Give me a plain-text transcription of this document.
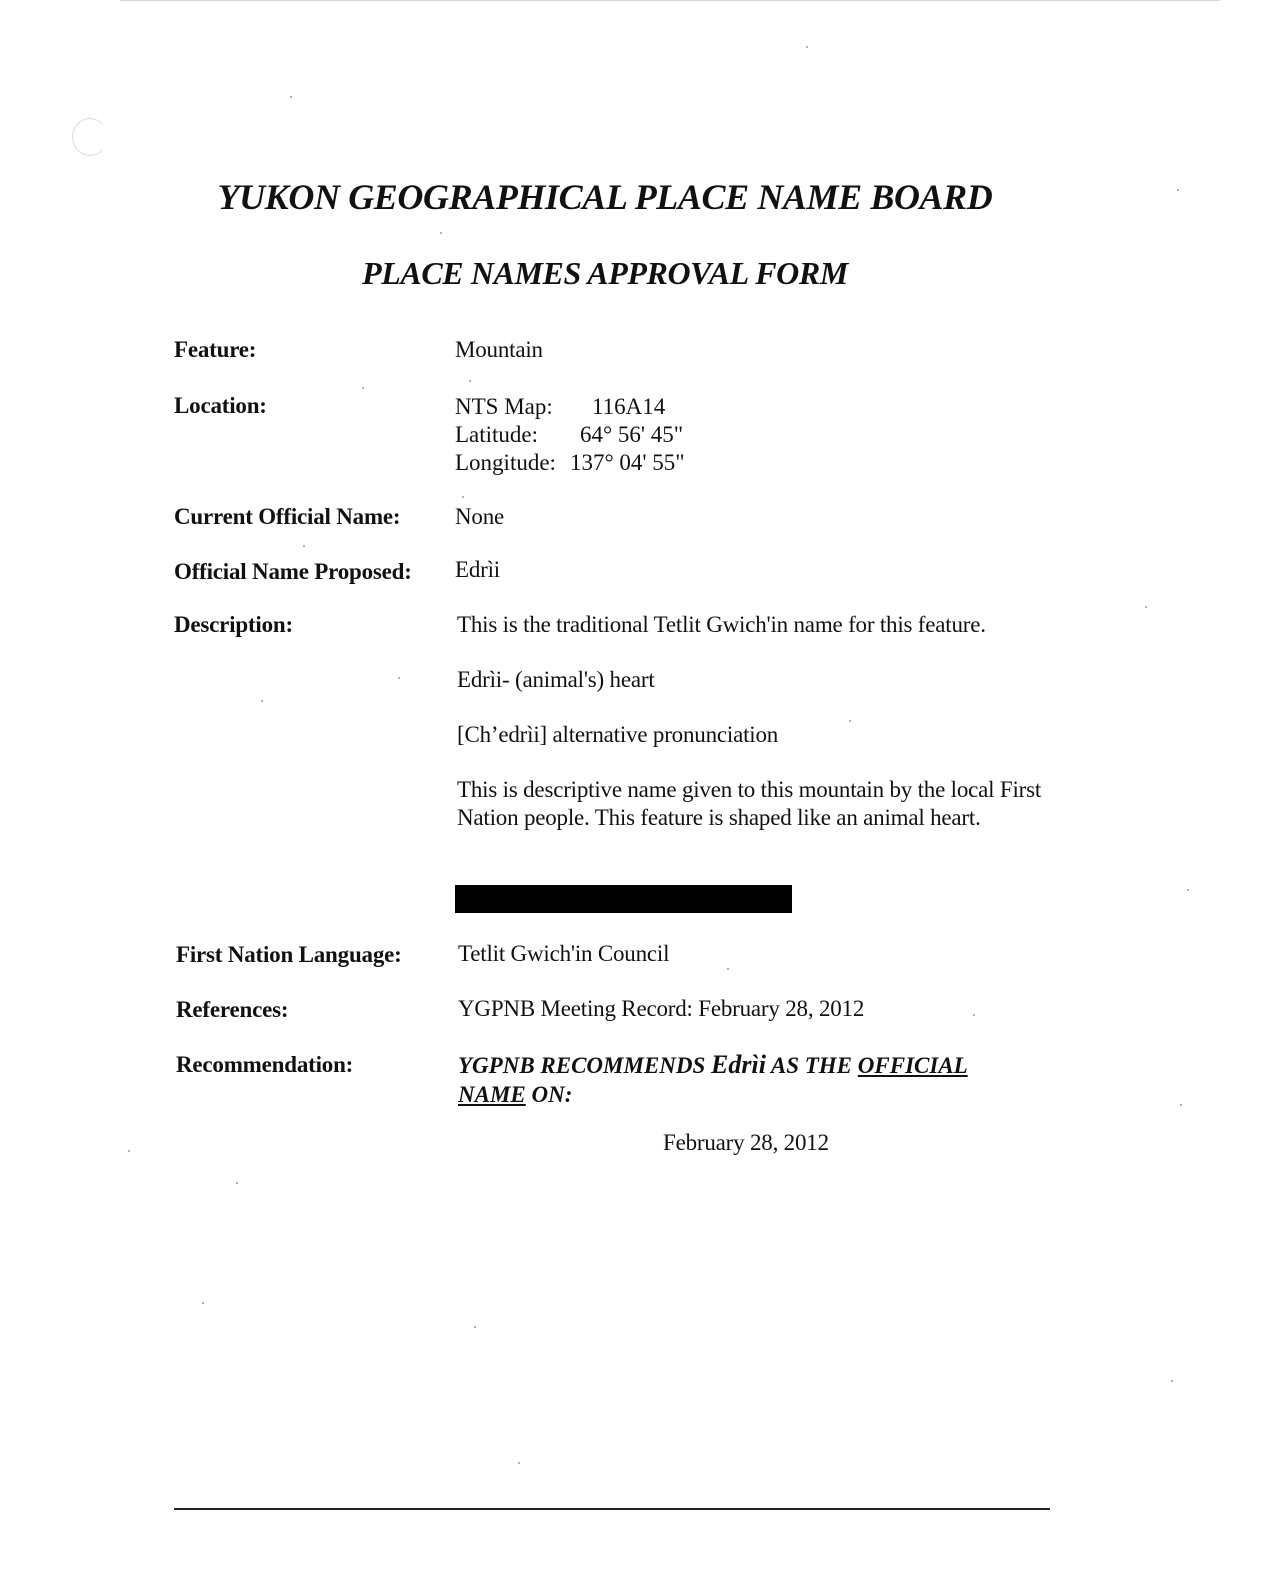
YUKON GEOGRAPHICAL PLACE NAME BOARD
PLACE NAMES APPROVAL FORM
Feature:	Mountain
Location:	NTS Map:	116A14
Latitude:	64° 56' 45"
Longitude:	137° 04' 55"
Current Official Name: None
Official Name Proposed: Edrìi
Description:	This is the traditional Tetlit Gwich'in name for this feature.
Edrìi- (animal's) heart
[Ch’edrìi] alternative pronunciation
This is descriptive name given to this mountain by the local First Nation people. This feature is shaped like an animal heart.
First Nation Language: Tetlit Gwich'in Council
References:	YGPNB Meeting Record: February 28, 2012
Recommendation:	YGPNB RECOMMENDS Edrìi AS THE OFFICIAL
NAME ON:
February 28, 2012
